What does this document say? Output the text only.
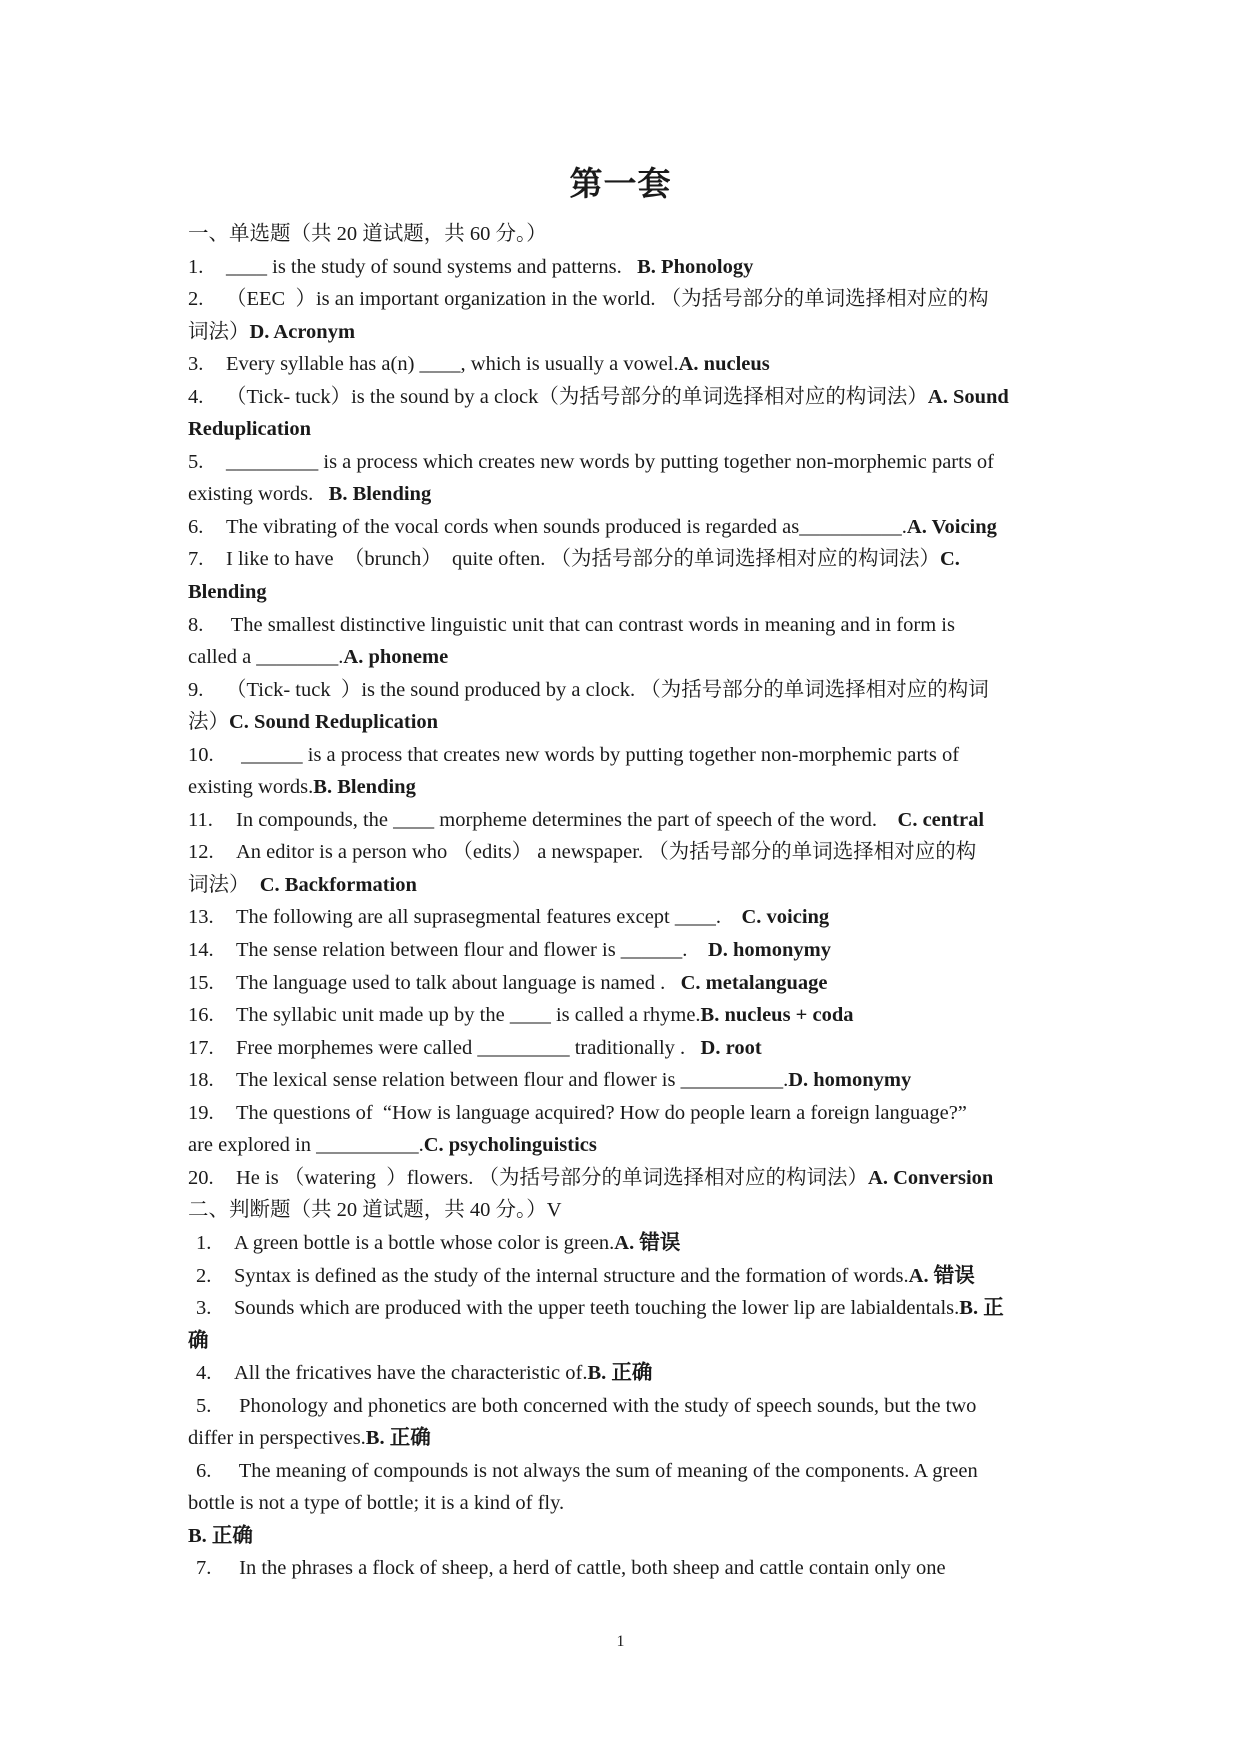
第一套
一、单选题（共 20 道试题，共 60 分。）
1. ____ is the study of sound systems and patterns.   B. Phonology
2. （EEC  ）is an important organization in the world. （为括号部分的单词选择相对应的构
词法）D. Acronym
3. Every syllable has a(n) ____, which is usually a vowel.A. nucleus
4. （Tick- tuck）is the sound by a clock（为括号部分的单词选择相对应的构词法）A. Sound
Reduplication
5. _________ is a process which creates new words by putting together non-morphemic parts of
existing words.   B. Blending
6. The vibrating of the vocal cords when sounds produced is regarded as__________.A. Voicing
7. I like to have  （brunch）  quite often. （为括号部分的单词选择相对应的构词法）C.
Blending
8. The smallest distinctive linguistic unit that can contrast words in meaning and in form is
called a ________.A. phoneme
9. （Tick- tuck  ）is the sound produced by a clock. （为括号部分的单词选择相对应的构词
法）C. Sound Reduplication
10. ______ is a process that creates new words by putting together non-morphemic parts of
existing words.B. Blending
11. In compounds, the ____ morpheme determines the part of speech of the word.    C. central
12. An editor is a person who （edits） a newspaper. （为括号部分的单词选择相对应的构
词法）  C. Backformation
13. The following are all suprasegmental features except ____.    C. voicing
14. The sense relation between flour and flower is ______.    D. homonymy
15. The language used to talk about language is named .   C. metalanguage
16. The syllabic unit made up by the ____ is called a rhyme.B. nucleus + coda
17. Free morphemes were called _________ traditionally .   D. root
18. The lexical sense relation between flour and flower is __________.D. homonymy
19. The questions of  “How is language acquired? How do people learn a foreign language?”
are explored in __________.C. psycholinguistics
20. He is （watering  ）flowers. （为括号部分的单词选择相对应的构词法）A. Conversion
二、判断题（共 20 道试题，共 40 分。）V
1. A green bottle is a bottle whose color is green.A. 错误
2. Syntax is defined as the study of the internal structure and the formation of words.A. 错误
3. Sounds which are produced with the upper teeth touching the lower lip are labialdentals.B. 正
确
4. All the fricatives have the characteristic of.B. 正确
5. Phonology and phonetics are both concerned with the study of speech sounds, but the two
differ in perspectives.B. 正确
6. The meaning of compounds is not always the sum of meaning of the components. A green
bottle is not a type of bottle; it is a kind of fly.
B. 正确
7. In the phrases a flock of sheep, a herd of cattle, both sheep and cattle contain only one
1
